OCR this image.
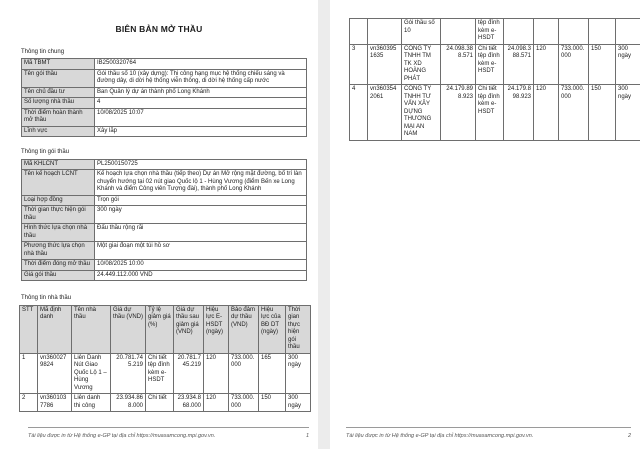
BIÊN BẢN MỞ THẦU
Thông tin chung
Mã TBMT	IB2500320764
Tên gói thầu	Gói thầu số 10 (xây dựng): Thi công hạng mục hệ thống chiếu sáng và đường dây, di dời hệ thống viễn thông, di dời hệ thống cấp nước
Tên chủ đầu tư	Ban Quản lý dự án thành phố Long Khánh
Số lượng nhà thầu	4
Thời điểm hoàn thành mở thầu	10/08/2025 10:07
Lĩnh vực	Xây lắp
Thông tin gói thầu
Mã KHLCNT	PL2500150725
Tên kế hoạch LCNT	Kế hoạch lựa chọn nhà thầu (tiếp theo) Dự án Mở rộng mặt đường, bố trí làn chuyển hướng tại 02 nút giao Quốc lộ 1 - Hùng Vương (điểm Bến xe Long Khánh và điểm Công viên Tượng đài), thành phố Long Khánh
Loại hợp đồng	Trọn gói
Thời gian thực hiện gói thầu	300 ngày
Hình thức lựa chọn nhà thầu	Đấu thầu rộng rãi
Phương thức lựa chọn nhà thầu	Một giai đoạn một túi hồ sơ
Thời điểm đóng mở thầu	10/08/2025 10:00
Giá gói thầu	24.449.112.000 VND
Thông tin nhà thầu
STT	Mã định danh	Tên nhà thầu	Giá dự thầu (VND)	Tỷ lệ giảm giá (%)	Giá dự thầu sau giảm giá (VND)	Hiệu lực E-HSDT (ngày)	Bảo đảm dự thầu (VND)	Hiệu lực của BĐ DT (ngày)	Thời gian thực hiện gói thầu
1	vn3600279824	Liên Danh Nút Giao Quốc Lộ 1 – Hùng Vương	20.781.745.219	Chi tiết tệp đính kèm e- HSDT	20.781.745.219	120	733.000.000	165	300 ngày
2	vn3601037786	Liên danh thi công	23.934.868.000	Chi tiết	23.934.868.000	120	733.000.000	150	300 ngày
Tài liệu được in từ Hệ thống e-GP tại địa chỉ https://muasamcong.mpi.gov.vn.	1
		Gói thầu số 10		tệp đính kèm e- HSDT					
3	vn3603951635	CÔNG TY TNHH TM TK XD HOÀNG PHÁT	24.098.388.571	Chi tiết tệp đính kèm e- HSDT	24.098.388.571	120	733.000.000	150	300 ngày
4	vn3603542061	CÔNG TY TNHH TƯ VẤN XÂY DỰNG THƯƠNG MẠI AN NAM	24.179.898.923	Chi tiết tệp đính kèm e- HSDT	24.179.898.923	120	733.000.000	150	300 ngày
Tài liệu được in từ Hệ thống e-GP tại địa chỉ https://muasamcong.mpi.gov.vn.	2
